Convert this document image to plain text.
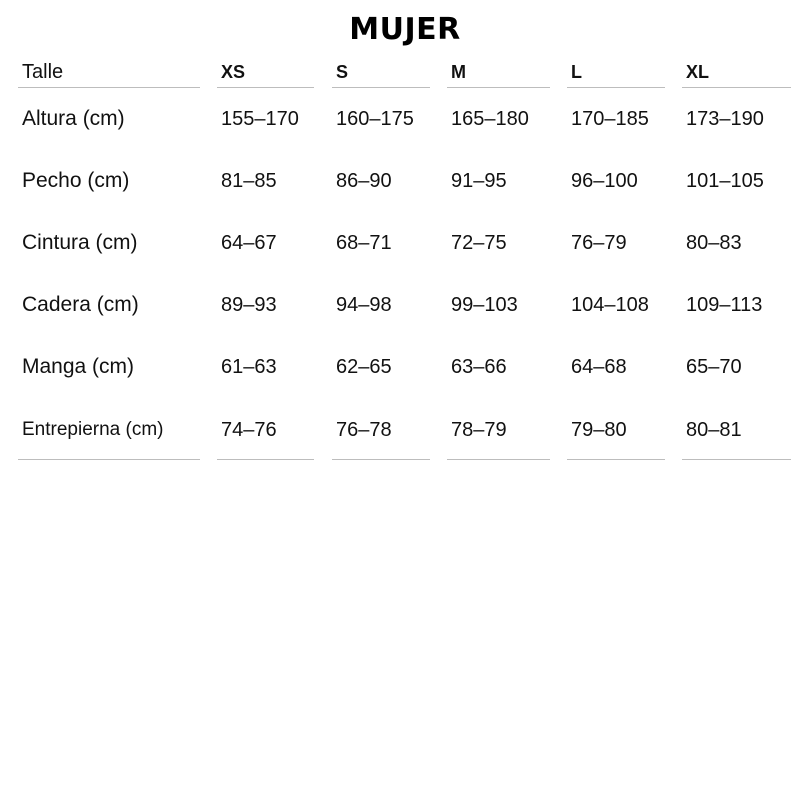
MUJER
Talle	XS	S	M	L	XL
Altura (cm)	155–170 160–175 165–180 170–185 173–190
Pecho (cm)	81–85	86–90	91–95	96–100 101–105
Cintura (cm)	64–67	68–71	72–75	76–79	80–83
Cadera (cm)	89–93	94–98	99–103	104–108 109–113
Manga (cm)	61–63	62–65	63–66	64–68	65–70
Entrepierna (cm)	74–76	76–78	78–79	79–80	80–81
